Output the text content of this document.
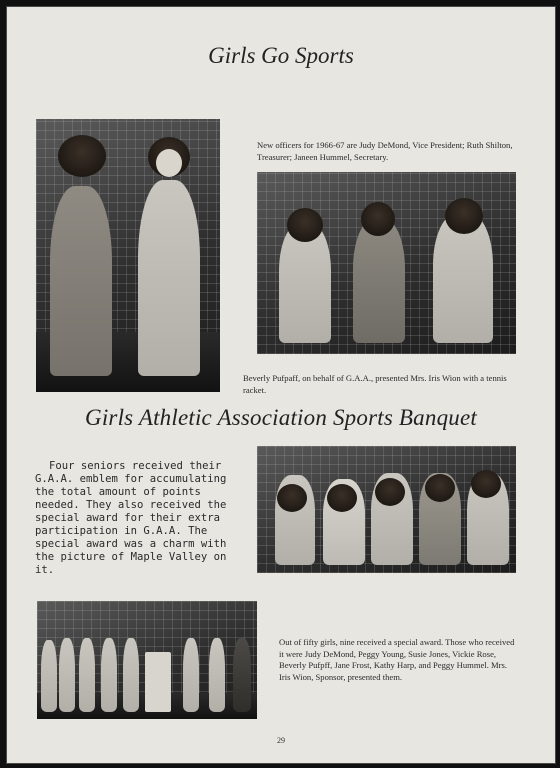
Girls Go Sports

New officers for 1966-67 are Judy DeMond, Vice President; Ruth Shilton, Treasurer; Janeen Hummel, Secretary.

Beverly Pufpaff, on behalf of G.A.A., presented Mrs. Iris Wion with a tennis racket.

Girls Athletic Association Sports Banquet

Four seniors received their G.A.A. emblem for accumulating the total amount of points needed. They also received the special award for their extra participation in G.A.A. The special award was a charm with the picture of Maple Valley on it.

Out of fifty girls, nine received a special award. Those who received it were Judy DeMond, Peggy Young, Susie Jones, Vickie Rose, Beverly Pufpff, Jane Frost, Kathy Harp, and Peggy Hummel. Mrs. Iris Wion, Sponsor, presented them.

29
